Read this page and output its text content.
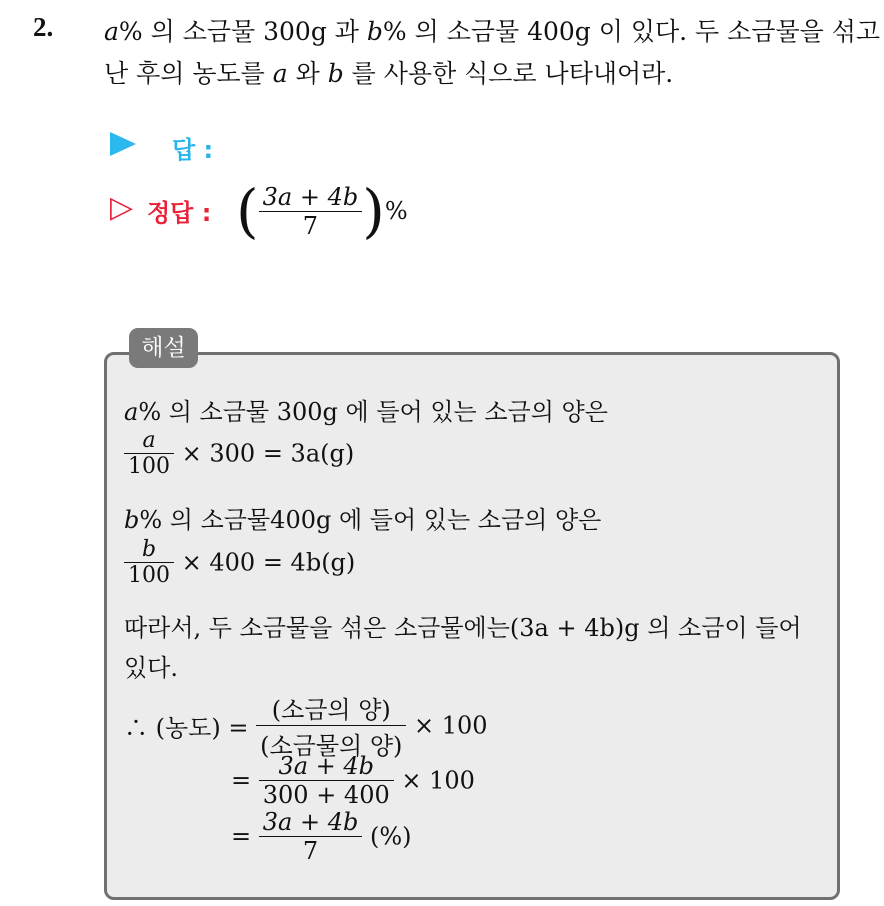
2. a% 의 소금물 300g 과 b% 의 소금물 400g 이 있다. 두 소금물을 섞고
난 후의 농도를 a 와 b 를 사용한 식으로 나타내어라.
답 :
▷ 정답 : ( $\frac{3a + 4b}{7}$ )%
해설
a% 의 소금물 300g 에 들어 있는 소금의 양은
$\frac{a}{100} \times 300 = 3a(g)$
b% 의 소금물400g 에 들어 있는 소금의 양은
$\frac{b}{100} \times 400 = 4b(g)$
따라서, 두 소금물을 섞은 소금물에는(3a + 4b)g 의 소금이 들어
있다.
∴ (농도) = $\frac{\text{(소금의 양)}}{\text{(소금물의 양)}} \times 100$
= $\frac{3a + 4b}{300 + 400} \times 100$
= $\frac{3a + 4b}{7}$ (%)
